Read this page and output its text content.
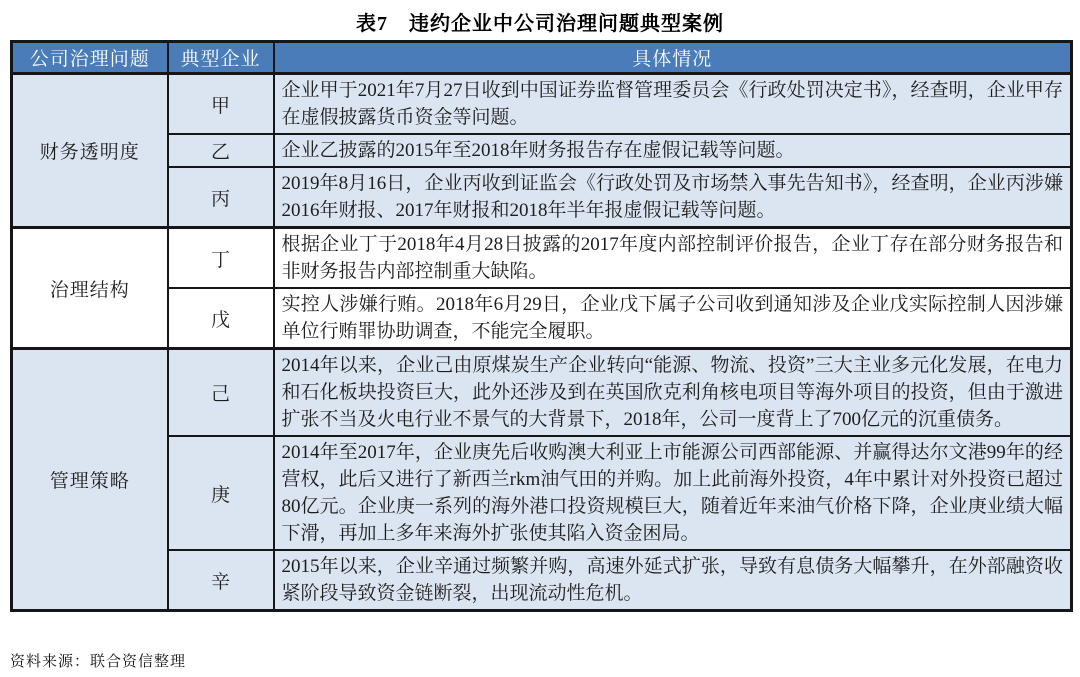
表7　违约企业中公司治理问题典型案例
公司治理问题	典型企业	具体情况
财务透明度	甲	企业甲于2021年7月27日收到中国证券监督管理委员会《行政处罚决定书》，经查明，企业甲存在虚假披露货币资金等问题。
	乙	企业乙披露的2015年至2018年财务报告存在虚假记载等问题。
	丙	2019年8月16日，企业丙收到证监会《行政处罚及市场禁入事先告知书》，经查明，企业丙涉嫌2016年财报、2017年财报和2018年半年报虚假记载等问题。
治理结构	丁	根据企业丁于2018年4月28日披露的2017年度内部控制评价报告，企业丁存在部分财务报告和非财务报告内部控制重大缺陷。
	戊	实控人涉嫌行贿。2018年6月29日，企业戊下属子公司收到通知涉及企业戊实际控制人因涉嫌单位行贿罪协助调查，不能完全履职。
管理策略	己	2014年以来，企业己由原煤炭生产企业转向“能源、物流、投资”三大主业多元化发展，在电力和石化板块投资巨大，此外还涉及到在英国欣克利角核电项目等海外项目的投资，但由于激进扩张不当及火电行业不景气的大背景下，2018年，公司一度背上了700亿元的沉重债务。
	庚	2014年至2017年，企业庚先后收购澳大利亚上市能源公司西部能源、并赢得达尔文港99年的经营权，此后又进行了新西兰rkm油气田的并购。加上此前海外投资，4年中累计对外投资已超过80亿元。企业庚一系列的海外港口投资规模巨大，随着近年来油气价格下降，企业庚业绩大幅下滑，再加上多年来海外扩张使其陷入资金困局。
	辛	2015年以来，企业辛通过频繁并购，高速外延式扩张，导致有息债务大幅攀升，在外部融资收紧阶段导致资金链断裂，出现流动性危机。
资料来源：联合资信整理
